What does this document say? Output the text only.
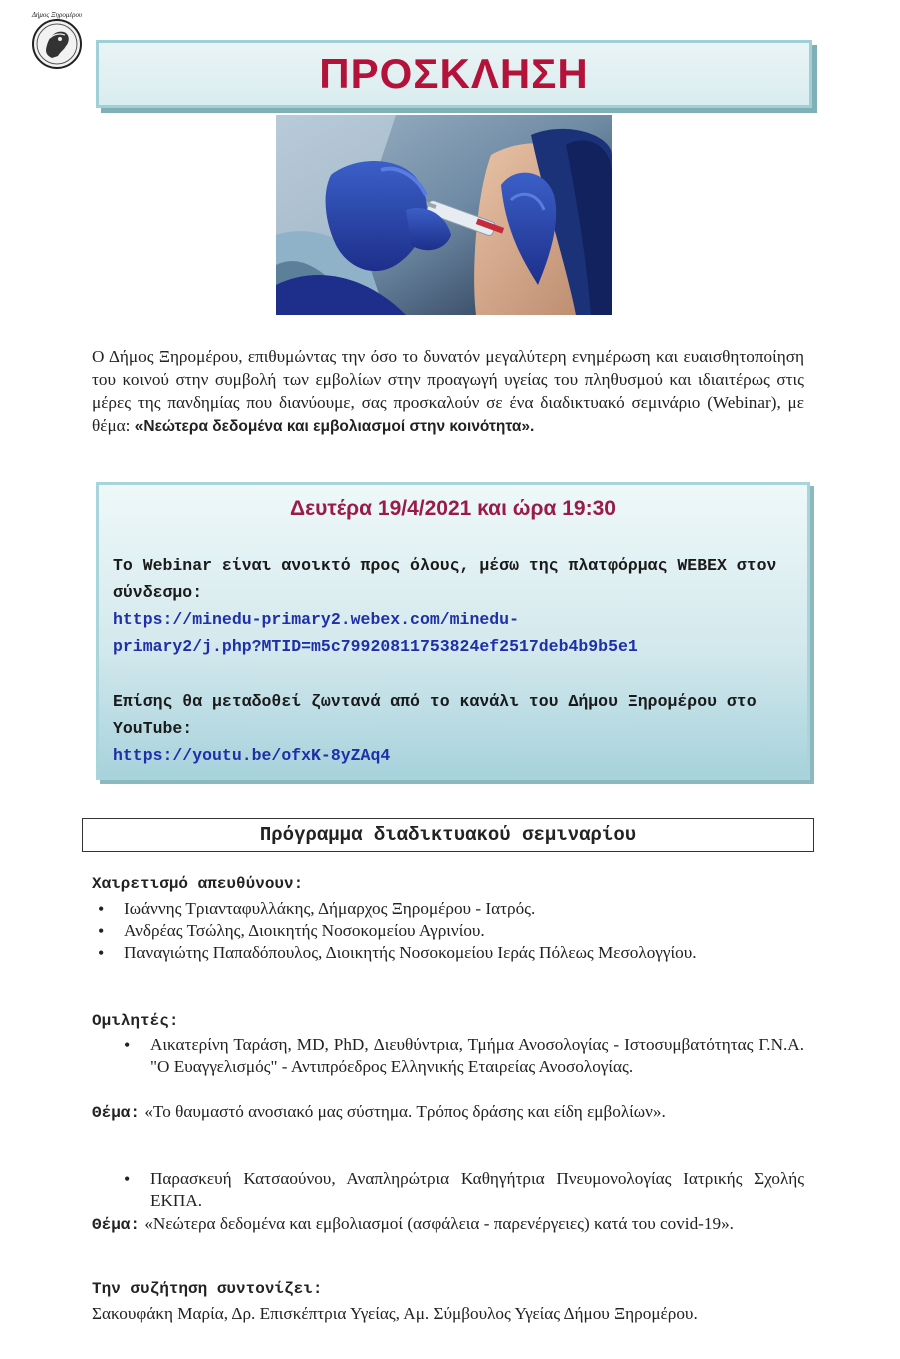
Δήμος Ξηρομέρου
ΠΡΟΣΚΛΗΣΗ
Ο Δήμος Ξηρομέρου, επιθυμώντας την όσο το δυνατόν μεγαλύτερη ενημέρωση και ευαισθητοποίηση του κοινού στην συμβολή των εμβολίων στην προαγωγή υγείας του πληθυσμού και ιδιαιτέρως στις μέρες της πανδημίας που διανύουμε, σας προσκαλούν σε ένα διαδικτυακό σεμινάριο (Webinar), με θέμα: «Νεώτερα δεδομένα και εμβολιασμοί στην κοινότητα».
Δευτέρα 19/4/2021 και ώρα 19:30
Το Webinar είναι ανοικτό προς όλους, μέσω της πλατφόρμας WEBEX στον σύνδεσμο:
https://minedu-primary2.webex.com/minedu-
primary2/j.php?MTID=m5c79920811753824ef2517deb4b9b5e1
Επίσης θα μεταδοθεί ζωντανά από το κανάλι του Δήμου Ξηρομέρου στο YouTube:
https://youtu.be/ofxK-8yZAq4
Πρόγραμμα διαδικτυακού σεμιναρίου
Χαιρετισμό απευθύνουν:
• Ιωάννης Τριανταφυλλάκης, Δήμαρχος Ξηρομέρου - Ιατρός.
• Ανδρέας Τσώλης, Διοικητής Νοσοκομείου Αγρινίου.
• Παναγιώτης Παπαδόπουλος, Διοικητής Νοσοκομείου Ιεράς Πόλεως Μεσολογγίου.
Ομιλητές:
• Αικατερίνη Ταράση, MD, PhD, Διευθύντρια, Τμήμα Ανοσολογίας - Ιστοσυμβατότητας Γ.Ν.Α. "Ο Ευαγγελισμός" - Αντιπρόεδρος Ελληνικής Εταιρείας Ανοσολογίας.
Θέμα: «Το θαυμαστό ανοσιακό μας σύστημα. Τρόπος δράσης και είδη εμβολίων».
• Παρασκευή Κατσαούνου, Αναπληρώτρια Καθηγήτρια Πνευμονολογίας Ιατρικής Σχολής ΕΚΠΑ.
Θέμα: «Νεώτερα δεδομένα και εμβολιασμοί (ασφάλεια - παρενέργειες) κατά του covid-19».
Την συζήτηση συντονίζει:
Σακουφάκη Μαρία, Δρ. Επισκέπτρια Υγείας, Αμ. Σύμβουλος Υγείας Δήμου Ξηρομέρου.
